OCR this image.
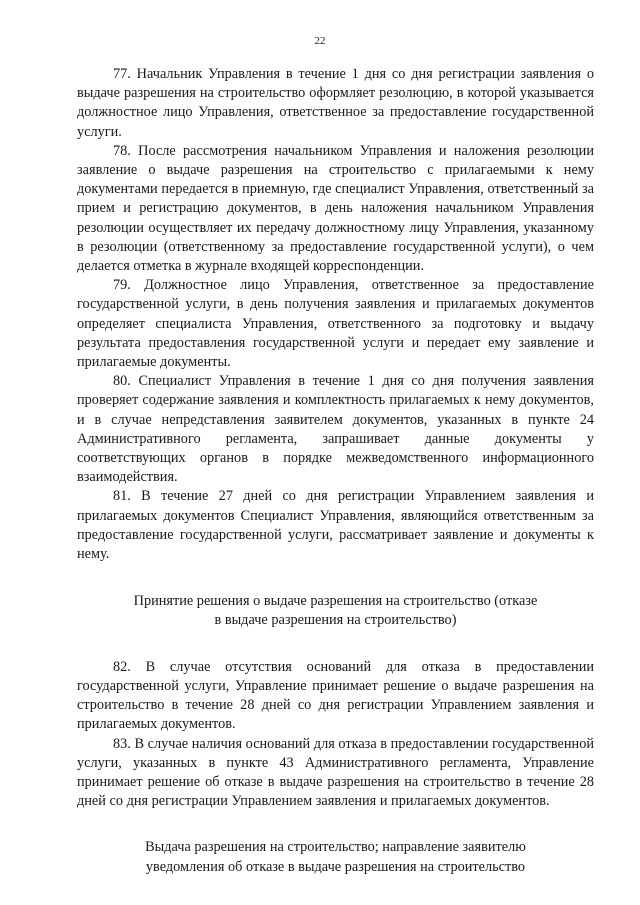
22

77. Начальник Управления в течение 1 дня со дня регистрации заявления о выдаче разрешения на строительство оформляет резолюцию, в которой указывается должностное лицо Управления, ответственное за предоставление государственной услуги.

78. После рассмотрения начальником Управления и наложения резолюции заявление о выдаче разрешения на строительство с прилагаемыми к нему документами передается в приемную, где специалист Управления, ответственный за прием и регистрацию документов, в день наложения начальником Управления резолюции осуществляет их передачу должностному лицу Управления, указанному в резолюции (ответственному за предоставление государственной услуги), о чем делается отметка в журнале входящей корреспонденции.

79. Должностное лицо Управления, ответственное за предоставление государственной услуги, в день получения заявления и прилагаемых документов определяет специалиста Управления, ответственного за подготовку и выдачу результата предоставления государственной услуги и передает ему заявление и прилагаемые документы.

80. Специалист Управления в течение 1 дня со дня получения заявления проверяет содержание заявления и комплектность прилагаемых к нему документов, и в случае непредставления заявителем документов, указанных в пункте 24 Административного регламента, запрашивает данные документы у соответствующих органов в порядке межведомственного информационного взаимодействия.

81. В течение 27 дней со дня регистрации Управлением заявления и прилагаемых документов Специалист Управления, являющийся ответственным за предоставление государственной услуги, рассматривает заявление и документы к нему.

Принятие решения о выдаче разрешения на строительство (отказе
в выдаче разрешения на строительство)

82. В случае отсутствия оснований для отказа в предоставлении государственной услуги, Управление принимает решение о выдаче разрешения на строительство в течение 28 дней со дня регистрации Управлением заявления и прилагаемых документов.

83. В случае наличия оснований для отказа в предоставлении государственной услуги, указанных в пункте 43 Административного регламента, Управление принимает решение об отказе в выдаче разрешения на строительство в течение 28 дней со дня регистрации Управлением заявления и прилагаемых документов.

Выдача разрешения на строительство; направление заявителю
уведомления об отказе в выдаче разрешения на строительство
